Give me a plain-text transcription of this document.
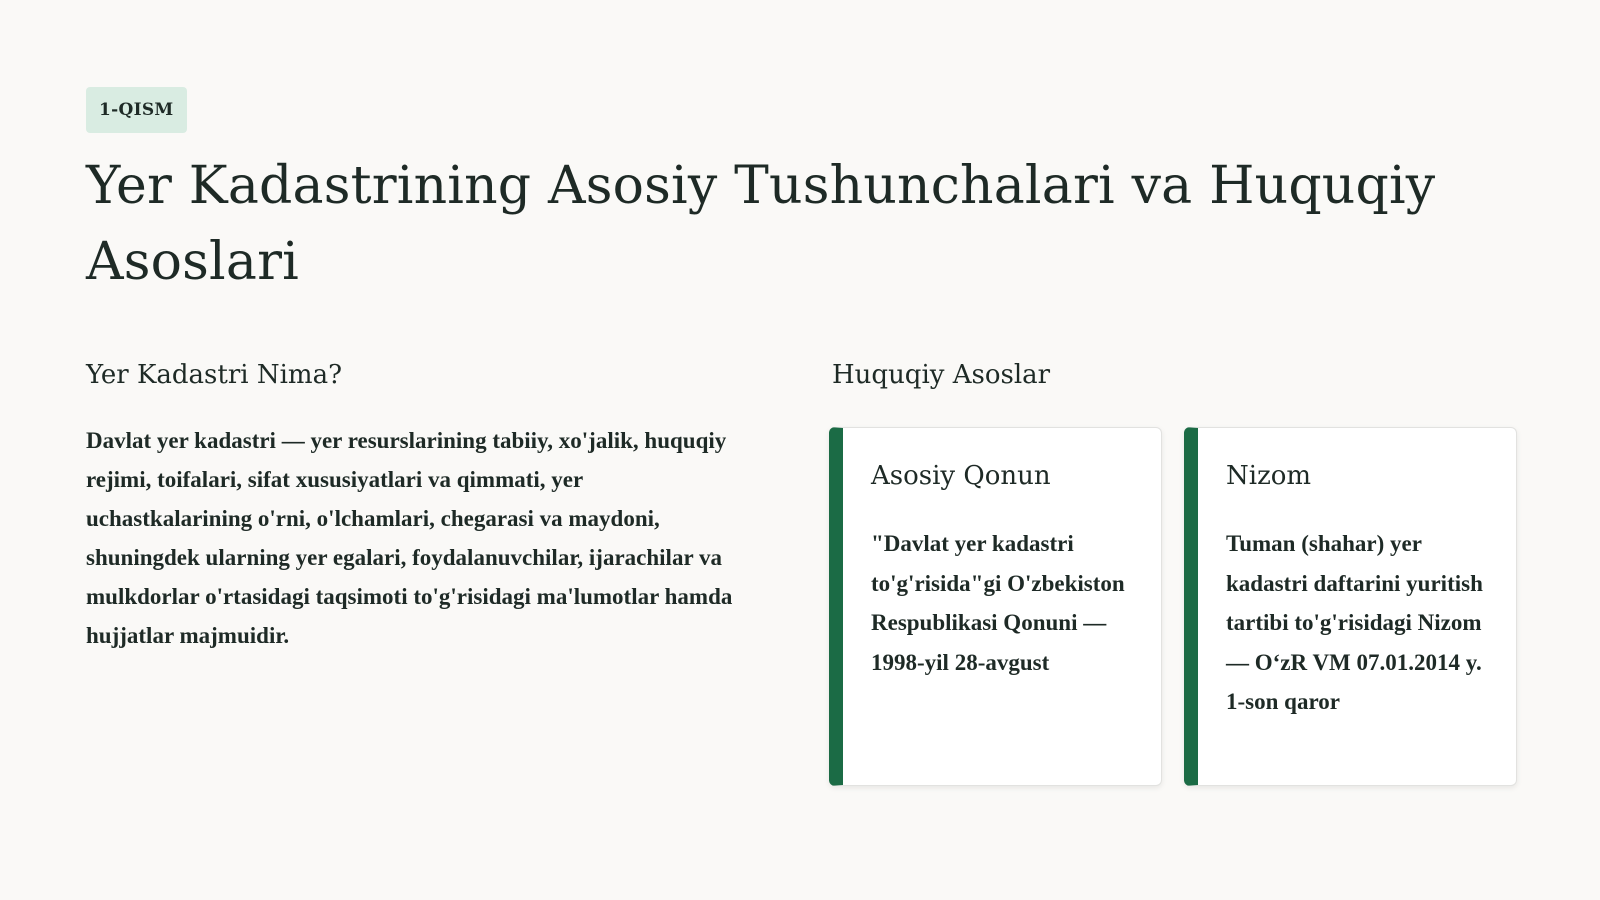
1-QISM
Yer Kadastrining Asosiy Tushunchalari va Huquqiy Asoslari
Yer Kadastri Nima?

Davlat yer kadastri — yer resurslarining tabiiy, xo'jalik, huquqiy rejimi, toifalari, sifat xususiyatlari va qimmati, yer uchastkalarining o'rni, o'lchamlari, chegarasi va maydoni, shuningdek ularning yer egalari, foydalanuvchilar, ijarachilar va mulkdorlar o'rtasidagi taqsimoti to'g'risidagi ma'lumotlar hamda hujjatlar majmuidir.

Huquqiy Asoslar
Asosiy Qonun

"Davlat yer kadastri to'g'risida"gi O'zbekiston Respublikasi Qonuni — 1998-yil 28-avgust

Nizom

Tuman (shahar) yer kadastri daftarini yuritish tartibi to'g'risidagi Nizom — O‘zR VM 07.01.2014 y. 1-son qaror
